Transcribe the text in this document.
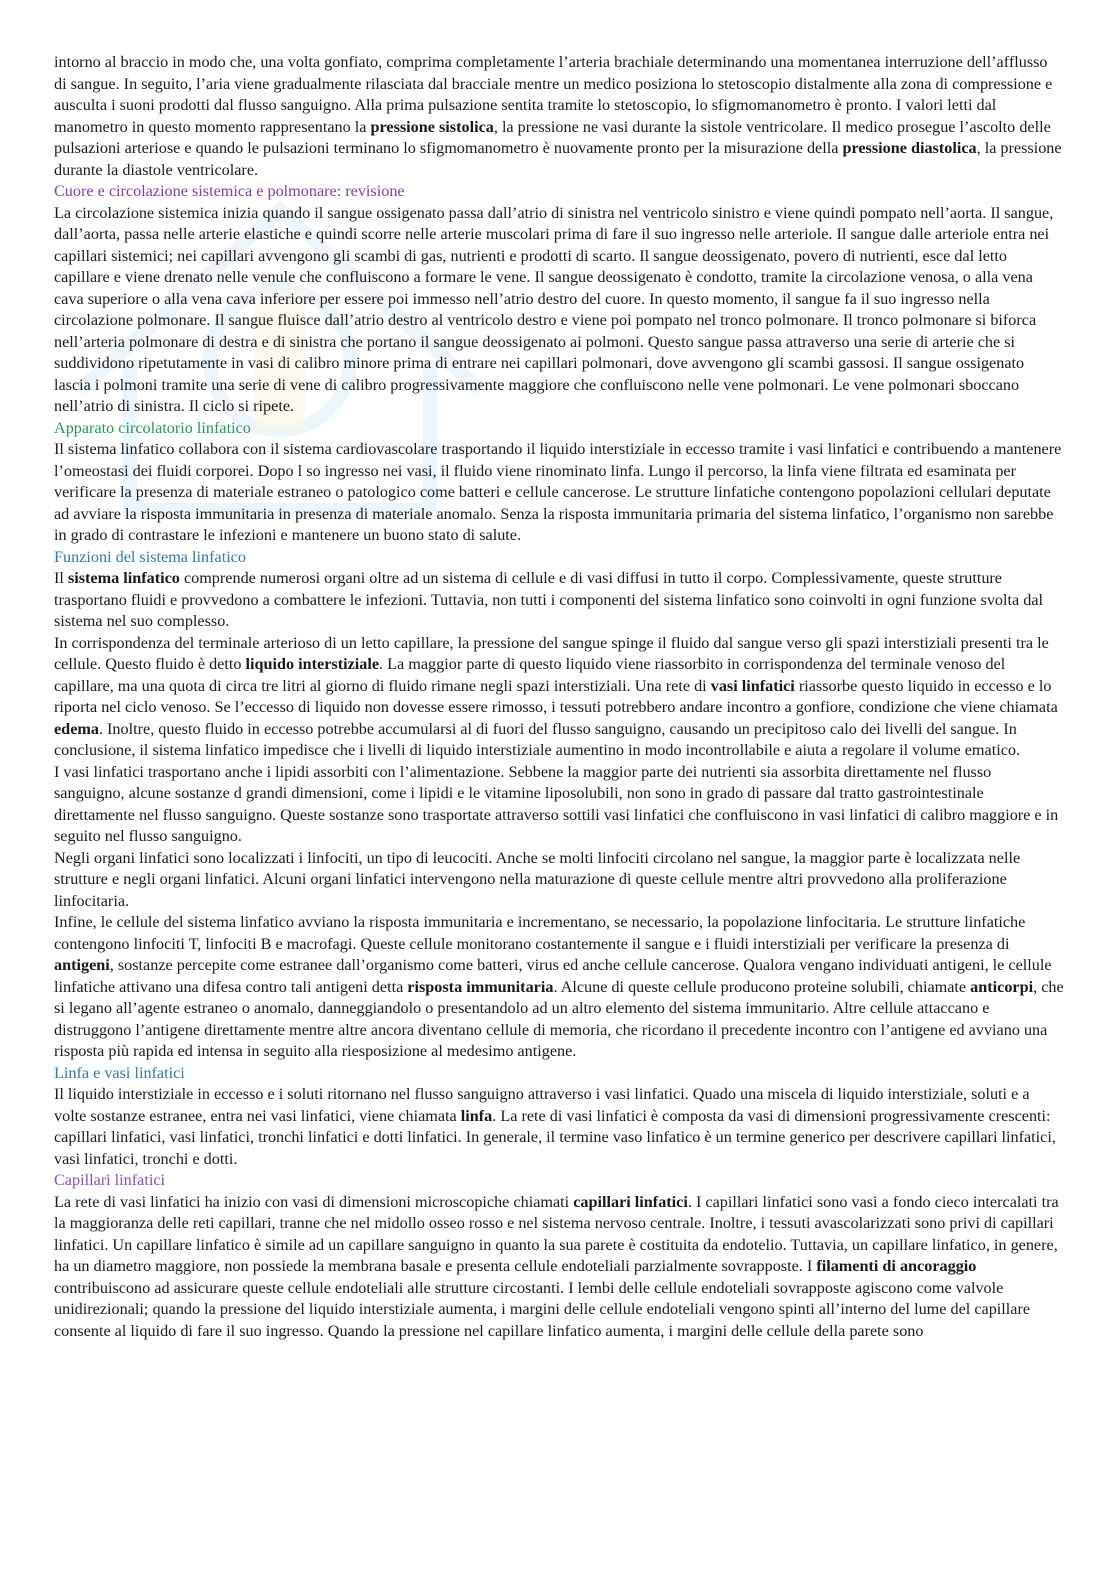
intorno al braccio in modo che, una volta gonfiato, comprima completamente l’arteria brachiale determinando una momentanea interruzione dell’afflusso di sangue. In seguito, l’aria viene gradualmente rilasciata dal bracciale mentre un medico posiziona lo stetoscopio distalmente alla zona di compressione e ausculta i suoni prodotti dal flusso sanguigno. Alla prima pulsazione sentita tramite lo stetoscopio, lo sfigmomanometro è pronto. I valori letti dal manometro in questo momento rappresentano la pressione sistolica, la pressione ne vasi durante la sistole ventricolare. Il medico prosegue l’ascolto delle pulsazioni arteriose e quando le pulsazioni terminano lo sfigmomanometro è nuovamente pronto per la misurazione della pressione diastolica, la pressione durante la diastole ventricolare.

Cuore e circolazione sistemica e polmonare: revisione

La circolazione sistemica inizia quando il sangue ossigenato passa dall’atrio di sinistra nel ventricolo sinistro e viene quindi pompato nell’aorta. Il sangue, dall’aorta, passa nelle arterie elastiche e quindi scorre nelle arterie muscolari prima di fare il suo ingresso nelle arteriole. Il sangue dalle arteriole entra nei capillari sistemici; nei capillari avvengono gli scambi di gas, nutrienti e prodotti di scarto. Il sangue deossigenato, povero di nutrienti, esce dal letto capillare e viene drenato nelle venule che confluiscono a formare le vene. Il sangue deossigenato è condotto, tramite la circolazione venosa, o alla vena cava superiore o alla vena cava inferiore per essere poi immesso nell’atrio destro del cuore. In questo momento, il sangue fa il suo ingresso nella circolazione polmonare. Il sangue fluisce dall’atrio destro al ventricolo destro e viene poi pompato nel tronco polmonare. Il tronco polmonare si biforca nell’arteria polmonare di destra e di sinistra che portano il sangue deossigenato ai polmoni. Questo sangue passa attraverso una serie di arterie che si suddividono ripetutamente in vasi di calibro minore prima di entrare nei capillari polmonari, dove avvengono gli scambi gassosi. Il sangue ossigenato lascia i polmoni tramite una serie di vene di calibro progressivamente maggiore che confluiscono nelle vene polmonari. Le vene polmonari sboccano nell’atrio di sinistra. Il ciclo si ripete.

Apparato circolatorio linfatico

Il sistema linfatico collabora con il sistema cardiovascolare trasportando il liquido interstiziale in eccesso tramite i vasi linfatici e contribuendo a mantenere l’omeostasi dei fluidi corporei. Dopo l so ingresso nei vasi, il fluido viene rinominato linfa. Lungo il percorso, la linfa viene filtrata ed esaminata per verificare la presenza di materiale estraneo o patologico come batteri e cellule cancerose. Le strutture linfatiche contengono popolazioni cellulari deputate ad avviare la risposta immunitaria in presenza di materiale anomalo. Senza la risposta immunitaria primaria del sistema linfatico, l’organismo non sarebbe in grado di contrastare le infezioni e mantenere un buono stato di salute.

Funzioni del sistema linfatico

Il sistema linfatico comprende numerosi organi oltre ad un sistema di cellule e di vasi diffusi in tutto il corpo. Complessivamente, queste strutture trasportano fluidi e provvedono a combattere le infezioni. Tuttavia, non tutti i componenti del sistema linfatico sono coinvolti in ogni funzione svolta dal sistema nel suo complesso.

In corrispondenza del terminale arterioso di un letto capillare, la pressione del sangue spinge il fluido dal sangue verso gli spazi interstiziali presenti tra le cellule. Questo fluido è detto liquido interstiziale. La maggior parte di questo liquido viene riassorbito in corrispondenza del terminale venoso del capillare, ma una quota di circa tre litri al giorno di fluido rimane negli spazi interstiziali. Una rete di vasi linfatici riassorbe questo liquido in eccesso e lo riporta nel ciclo venoso. Se l’eccesso di liquido non dovesse essere rimosso, i tessuti potrebbero andare incontro a gonfiore, condizione che viene chiamata edema. Inoltre, questo fluido in eccesso potrebbe accumularsi al di fuori del flusso sanguigno, causando un precipitoso calo dei livelli del sangue. In conclusione, il sistema linfatico impedisce che i livelli di liquido interstiziale aumentino in modo incontrollabile e aiuta a regolare il volume ematico.

I vasi linfatici trasportano anche i lipidi assorbiti con l’alimentazione. Sebbene la maggior parte dei nutrienti sia assorbita direttamente nel flusso sanguigno, alcune sostanze d grandi dimensioni, come i lipidi e le vitamine liposolubili, non sono in grado di passare dal tratto gastrointestinale direttamente nel flusso sanguigno. Queste sostanze sono trasportate attraverso sottili vasi linfatici che confluiscono in vasi linfatici di calibro maggiore e in seguito nel flusso sanguigno.

Negli organi linfatici sono localizzati i linfociti, un tipo di leucociti. Anche se molti linfociti circolano nel sangue, la maggior parte è localizzata nelle strutture e negli organi linfatici. Alcuni organi linfatici intervengono nella maturazione di queste cellule mentre altri provvedono alla proliferazione linfocitaria.

Infine, le cellule del sistema linfatico avviano la risposta immunitaria e incrementano, se necessario, la popolazione linfocitaria. Le strutture linfatiche contengono linfociti T, linfociti B e macrofagi. Queste cellule monitorano costantemente il sangue e i fluidi interstiziali per verificare la presenza di antigeni, sostanze percepite come estranee dall’organismo come batteri, virus ed anche cellule cancerose. Qualora vengano individuati antigeni, le cellule linfatiche attivano una difesa contro tali antigeni detta risposta immunitaria. Alcune di queste cellule producono proteine solubili, chiamate anticorpi, che si legano all’agente estraneo o anomalo, danneggiandolo o presentandolo ad un altro elemento del sistema immunitario. Altre cellule attaccano e distruggono l’antigene direttamente mentre altre ancora diventano cellule di memoria, che ricordano il precedente incontro con l’antigene ed avviano una risposta più rapida ed intensa in seguito alla riesposizione al medesimo antigene.

Linfa e vasi linfatici

Il liquido interstiziale in eccesso e i soluti ritornano nel flusso sanguigno attraverso i vasi linfatici. Quado una miscela di liquido interstiziale, soluti e a volte sostanze estranee, entra nei vasi linfatici, viene chiamata linfa. La rete di vasi linfatici è composta da vasi di dimensioni progressivamente crescenti: capillari linfatici, vasi linfatici, tronchi linfatici e dotti linfatici. In generale, il termine vaso linfatico è un termine generico per descrivere capillari linfatici, vasi linfatici, tronchi e dotti.

Capillari linfatici

La rete di vasi linfatici ha inizio con vasi di dimensioni microscopiche chiamati capillari linfatici. I capillari linfatici sono vasi a fondo cieco intercalati tra la maggioranza delle reti capillari, tranne che nel midollo osseo rosso e nel sistema nervoso centrale. Inoltre, i tessuti avascolarizzati sono privi di capillari linfatici. Un capillare linfatico è simile ad un capillare sanguigno in quanto la sua parete è costituita da endotelio. Tuttavia, un capillare linfatico, in genere, ha un diametro maggiore, non possiede la membrana basale e presenta cellule endoteliali parzialmente sovrapposte. I filamenti di ancoraggio contribuiscono ad assicurare queste cellule endoteliali alle strutture circostanti. I lembi delle cellule endoteliali sovrapposte agiscono come valvole unidirezionali; quando la pressione del liquido interstiziale aumenta, i margini delle cellule endoteliali vengono spinti all’interno del lume del capillare consente al liquido di fare il suo ingresso. Quando la pressione nel capillare linfatico aumenta, i margini delle cellule della parete sono
